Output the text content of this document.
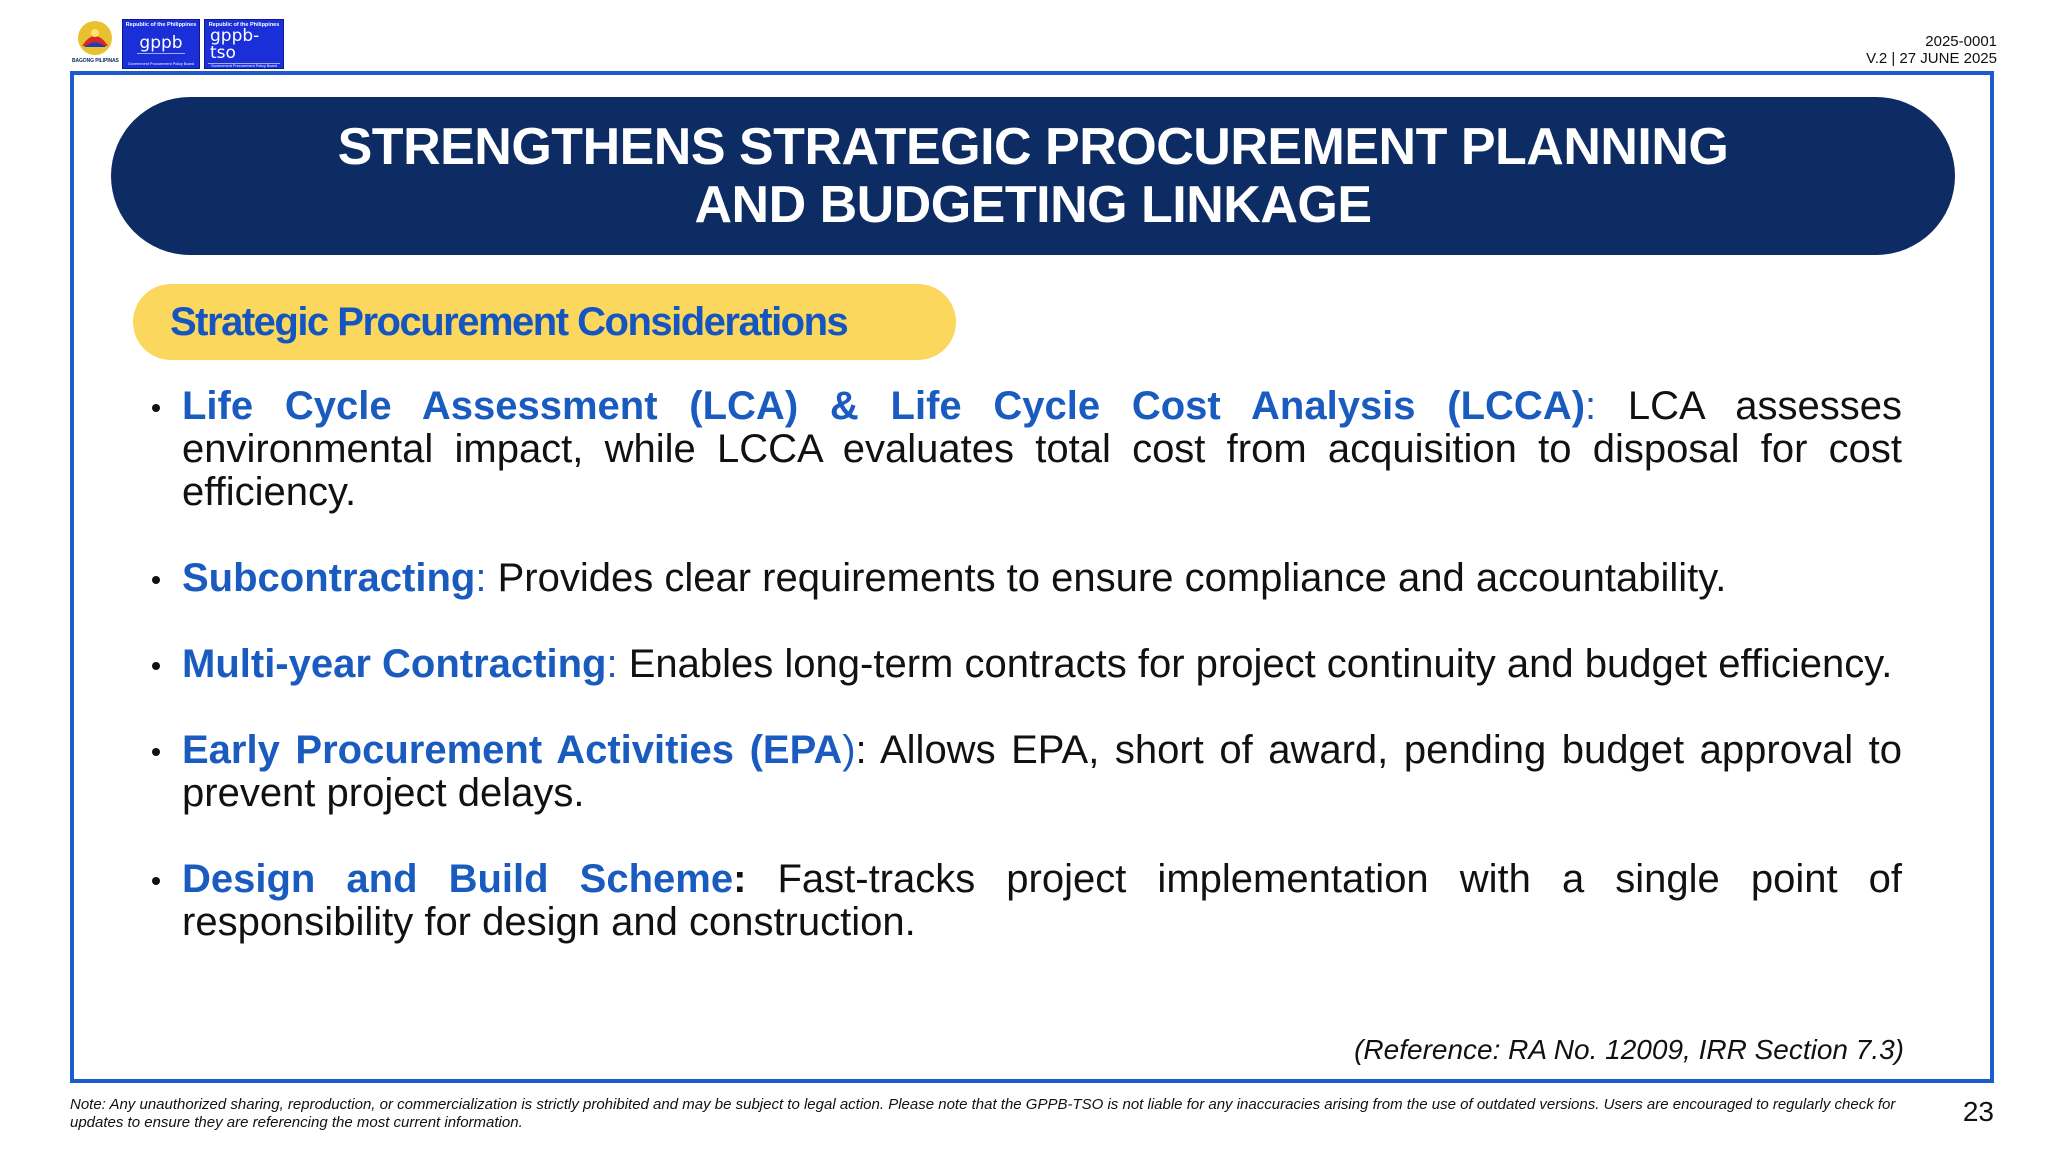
BAGONG PILIPINAS
Republic of the Philippines
gppb
Government Procurement Policy Board
Republic of the Philippines
gppb-tso
Government Procurement Policy Board
Technical Support Office
2025-0001
V.2 | 27 JUNE 2025
STRENGTHENS STRATEGIC PROCUREMENT PLANNING
AND BUDGETING LINKAGE
Strategic Procurement Considerations
Life Cycle Assessment (LCA) & Life Cycle Cost Analysis (LCCA): LCA assesses environmental impact, while LCCA evaluates total cost from acquisition to disposal for cost efficiency.
Subcontracting: Provides clear requirements to ensure compliance and accountability.
Multi-year Contracting: Enables long-term contracts for project continuity and budget efficiency.
Early Procurement Activities (EPA): Allows EPA, short of award, pending budget approval to prevent project delays.
Design and Build Scheme: Fast-tracks project implementation with a single point of responsibility for design and construction.
(Reference: RA No. 12009, IRR Section 7.3)
Note: Any unauthorized sharing, reproduction, or commercialization is strictly prohibited and may be subject to legal action. Please note that the GPPB-TSO is not liable for any inaccuracies arising from the use of outdated versions. Users are encouraged to regularly check for updates to ensure they are referencing the most current information.	23
